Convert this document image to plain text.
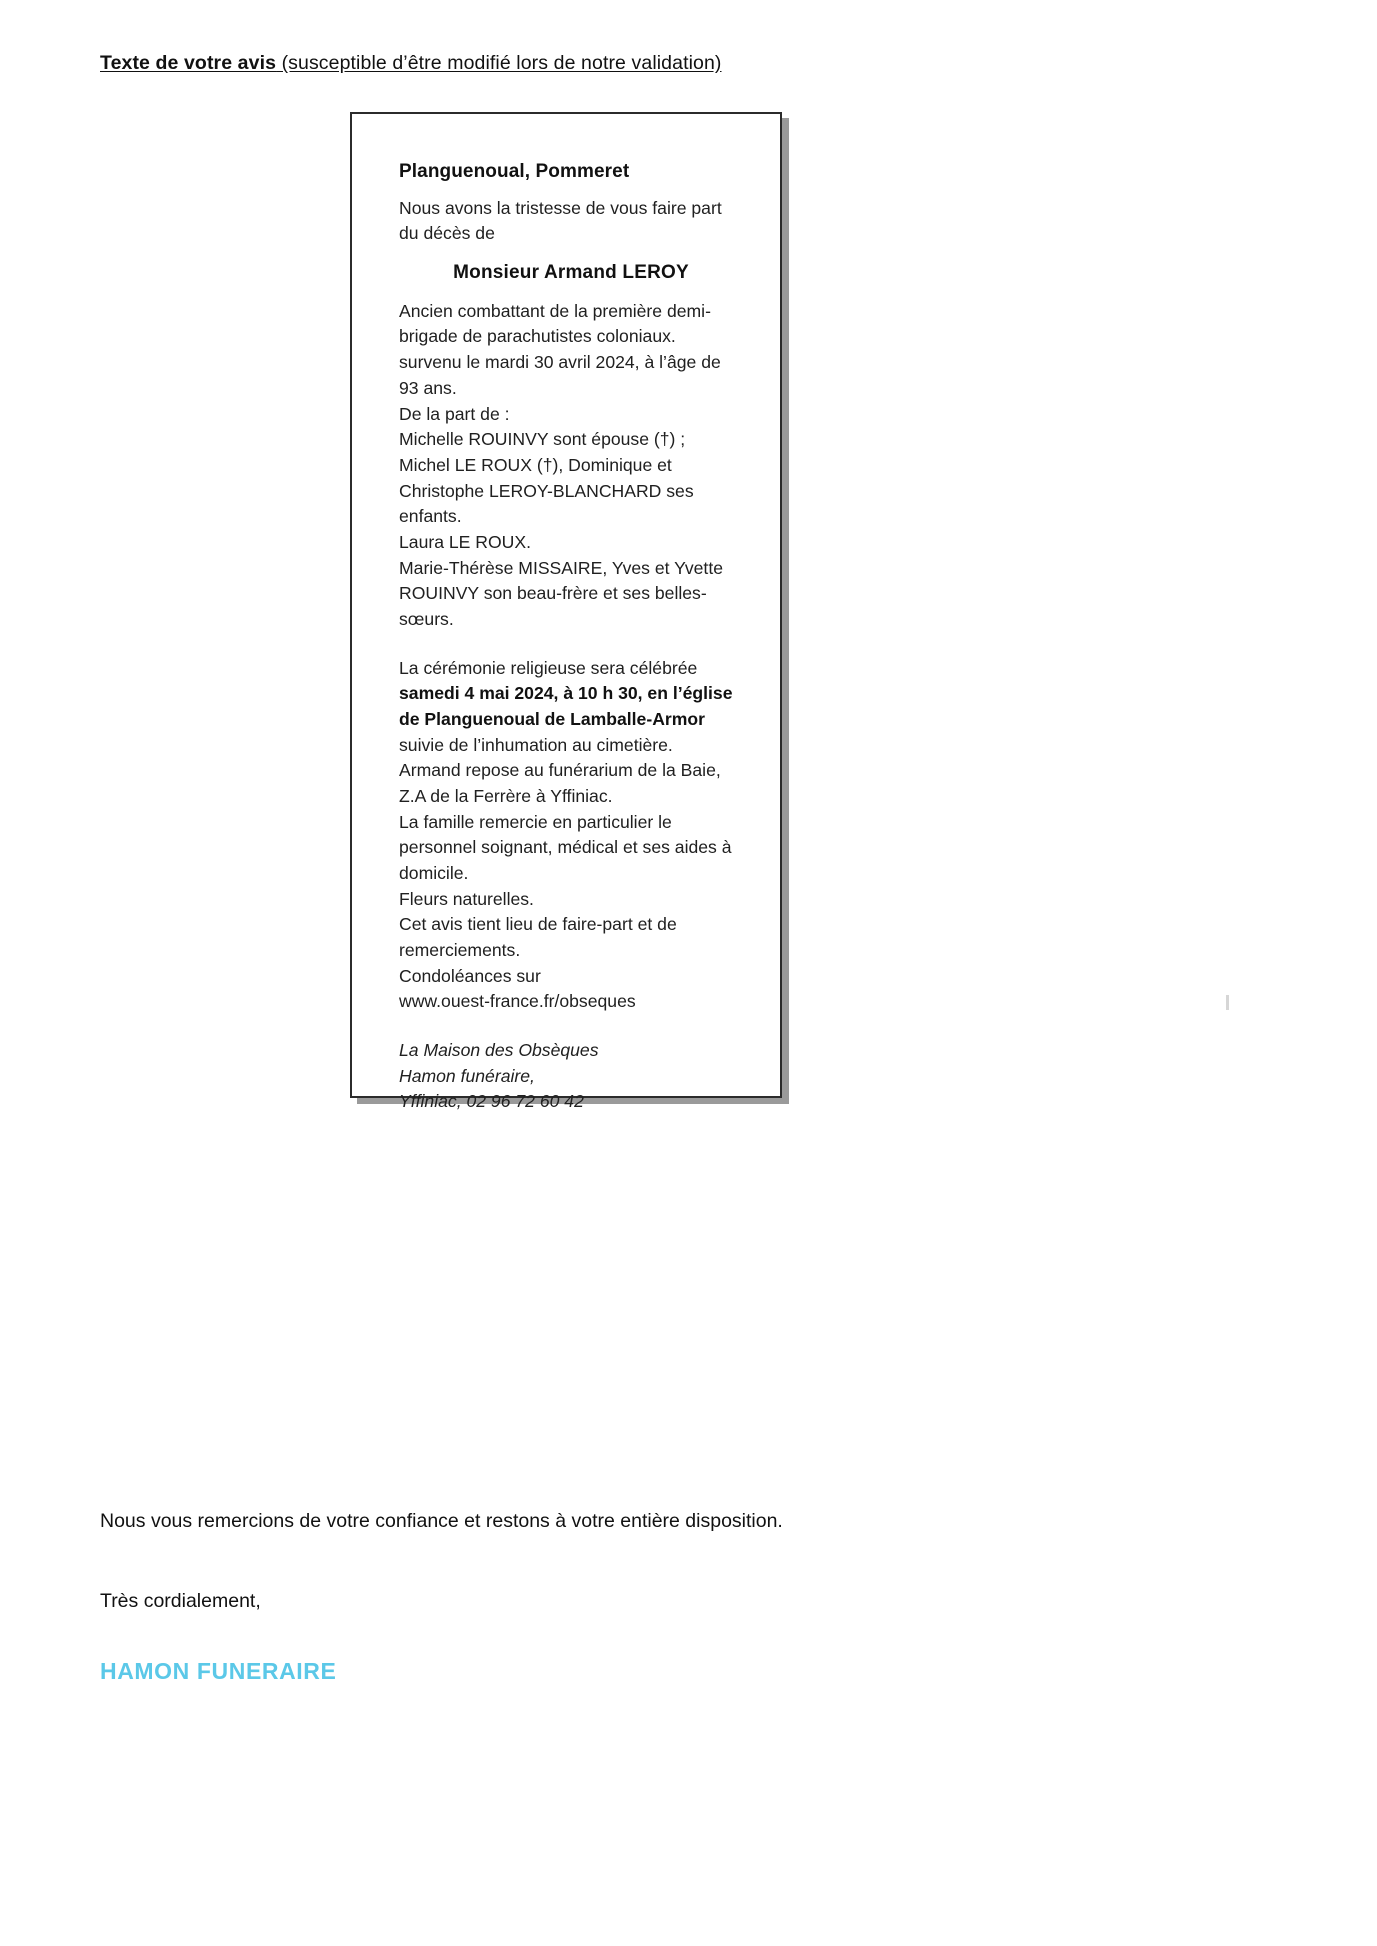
Texte de votre avis (susceptible d’être modifié lors de notre validation)

Planguenoual, Pommeret

Nous avons la tristesse de vous faire part du décès de

Monsieur Armand LEROY

Ancien combattant de la première demi-brigade de parachutistes coloniaux.

survenu le mardi 30 avril 2024, à l’âge de 93 ans.

De la part de :

Michelle ROUINVY sont épouse (†) ;

Michel LE ROUX (†), Dominique et Christophe LEROY-BLANCHARD ses enfants.

Laura LE ROUX.

Marie-Thérèse MISSAIRE, Yves et Yvette ROUINVY son beau-frère et ses belles-sœurs.

La cérémonie religieuse sera célébrée samedi 4 mai 2024, à 10 h 30, en l’église de Planguenoual de Lamballe-Armor suivie de l’inhumation au cimetière.

Armand repose au funérarium de la Baie, Z.A de la Ferrère à Yffiniac.

La famille remercie en particulier le personnel soignant, médical et ses aides à domicile.

Fleurs naturelles.

Cet avis tient lieu de faire-part et de remerciements.

Condoléances sur

www.ouest-france.fr/obseques

La Maison des Obsèques

Hamon funéraire,

Yffiniac, 02 96 72 60 42

Nous vous remercions de votre confiance et restons à votre entière disposition.
Très cordialement,
HAMON FUNERAIRE
